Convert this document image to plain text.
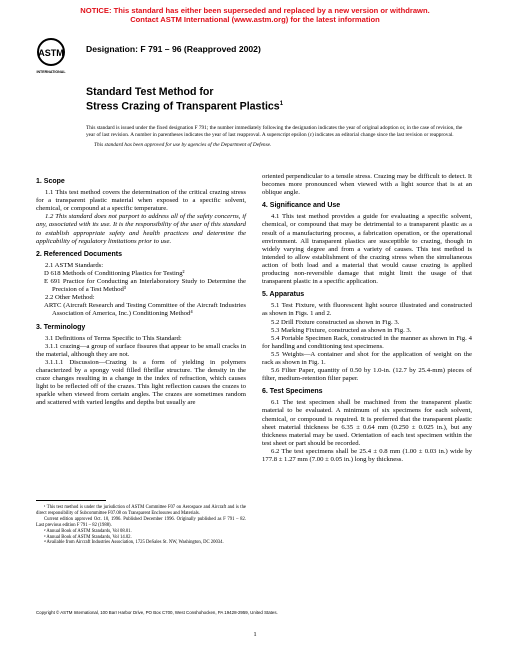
NOTICE: This standard has either been superseded and replaced by a new version or withdrawn.
Contact ASTM International (www.astm.org) for the latest information
ASTM
INTERNATIONAL
Designation: F 791 – 96 (Reapproved 2002)
Standard Test Method for
Stress Crazing of Transparent Plastics$^1$

This standard is issued under the fixed designation F 791; the number immediately following the designation indicates the year of original adoption or, in the case of revision, the year of last revision. A number in parentheses indicates the year of last reapproval. A superscript epsilon (ε) indicates an editorial change since the last revision or reapproval.

This standard has been approved for use by agencies of the Department of Defense.

1. Scope

1.1 This test method covers the determination of the critical crazing stress for a transparent plastic material when exposed to a specific solvent, chemical, or compound at a specific temperature.

1.2 This standard does not purport to address all of the safety concerns, if any, associated with its use. It is the responsibility of the user of this standard to establish appropriate safety and health practices and determine the applicability of regulatory limitations prior to use.

2. Referenced Documents

2.1 ASTM Standards:

D 618 Methods of Conditioning Plastics for Testing²

E 691 Practice for Conducting an Interlaboratory Study to Determine the Precision of a Test Method³

2.2 Other Method:

ARTC (Aircraft Research and Testing Committee of the Aircraft Industries Association of America, Inc.) Conditioning Method⁴

3. Terminology

3.1 Definitions of Terms Specific to This Standard:

3.1.1 crazing—a group of surface fissures that appear to be small cracks in the material, although they are not.

3.1.1.1 Discussion—Crazing is a form of yielding in polymers characterized by a spongy void filled fibrillar structure. The density in the craze changes resulting in a change in the index of refraction, which causes light to be reflected off of the crazes. This light reflection causes the crazes to sparkle when viewed from certain angles. The crazes are sometimes random and scattered with varied lengths and depths but usually are

oriented perpendicular to a tensile stress. Crazing may be difficult to detect. It becomes more pronounced when viewed with a light source that is at an oblique angle.

4. Significance and Use

4.1 This test method provides a guide for evaluating a specific solvent, chemical, or compound that may be detrimental to a transparent plastic as a result of a manufacturing process, a fabrication operation, or the operational environment. All transparent plastics are susceptible to crazing, though in widely varying degree and from a variety of causes. This test method is intended to allow establishment of the crazing stress when the simultaneous action of both load and a material that would cause crazing is applied producing non-reversible damage that might limit the usage of that transparent plastic in a specific application.

5. Apparatus

5.1 Test Fixture, with fluorescent light source illustrated and constructed as shown in Figs. 1 and 2.

5.2 Drill Fixture constructed as shown in Fig. 3.

5.3 Marking Fixture, constructed as shown in Fig. 3.

5.4 Portable Specimen Rack, constructed in the manner as shown in Fig. 4 for handling and conditioning test specimens.

5.5 Weights—A container and shot for the application of weight on the rack as shown in Fig. 1.

5.6 Filter Paper, quantity of 0.50 by 1.0-in. (12.7 by 25.4-mm) pieces of filter, medium-retention filter paper.

6. Test Specimens

6.1 The test specimen shall be machined from the transparent plastic material to be evaluated. A minimum of six specimens for each solvent, chemical, or compound is required. It is preferred that the transparent plastic sheet material thickness be 6.35 ± 0.64 mm (0.250 ± 0.025 in.), but any thickness material may be used. Orientation of each test specimen within the test sheet or part should be recorded.

6.2 The test specimens shall be 25.4 ± 0.8 mm (1.00 ± 0.03 in.) wide by 177.8 ± 1.27 mm (7.00 ± 0.05 in.) long by thickness.

¹ This test method is under the jurisdiction of ASTM Committee F07 on Aerospace and Aircraft and is the direct responsibility of Subcommittee F07.08 on Transparent Enclosures and Materials.

Current edition approved Oct. 10, 1996. Published December 1996. Originally published as F 791 – 82. Last previous edition F 791 – 82 (1988).

² Annual Book of ASTM Standards, Vol 08.01.

³ Annual Book of ASTM Standards, Vol 14.02.

⁴ Available from Aircraft Industries Association, 1725 DeSales St. NW, Washington, DC 20034.

Copyright © ASTM International, 100 Barr Harbor Drive, PO Box C700, West Conshohocken, PA 19428-2959, United States.
1
